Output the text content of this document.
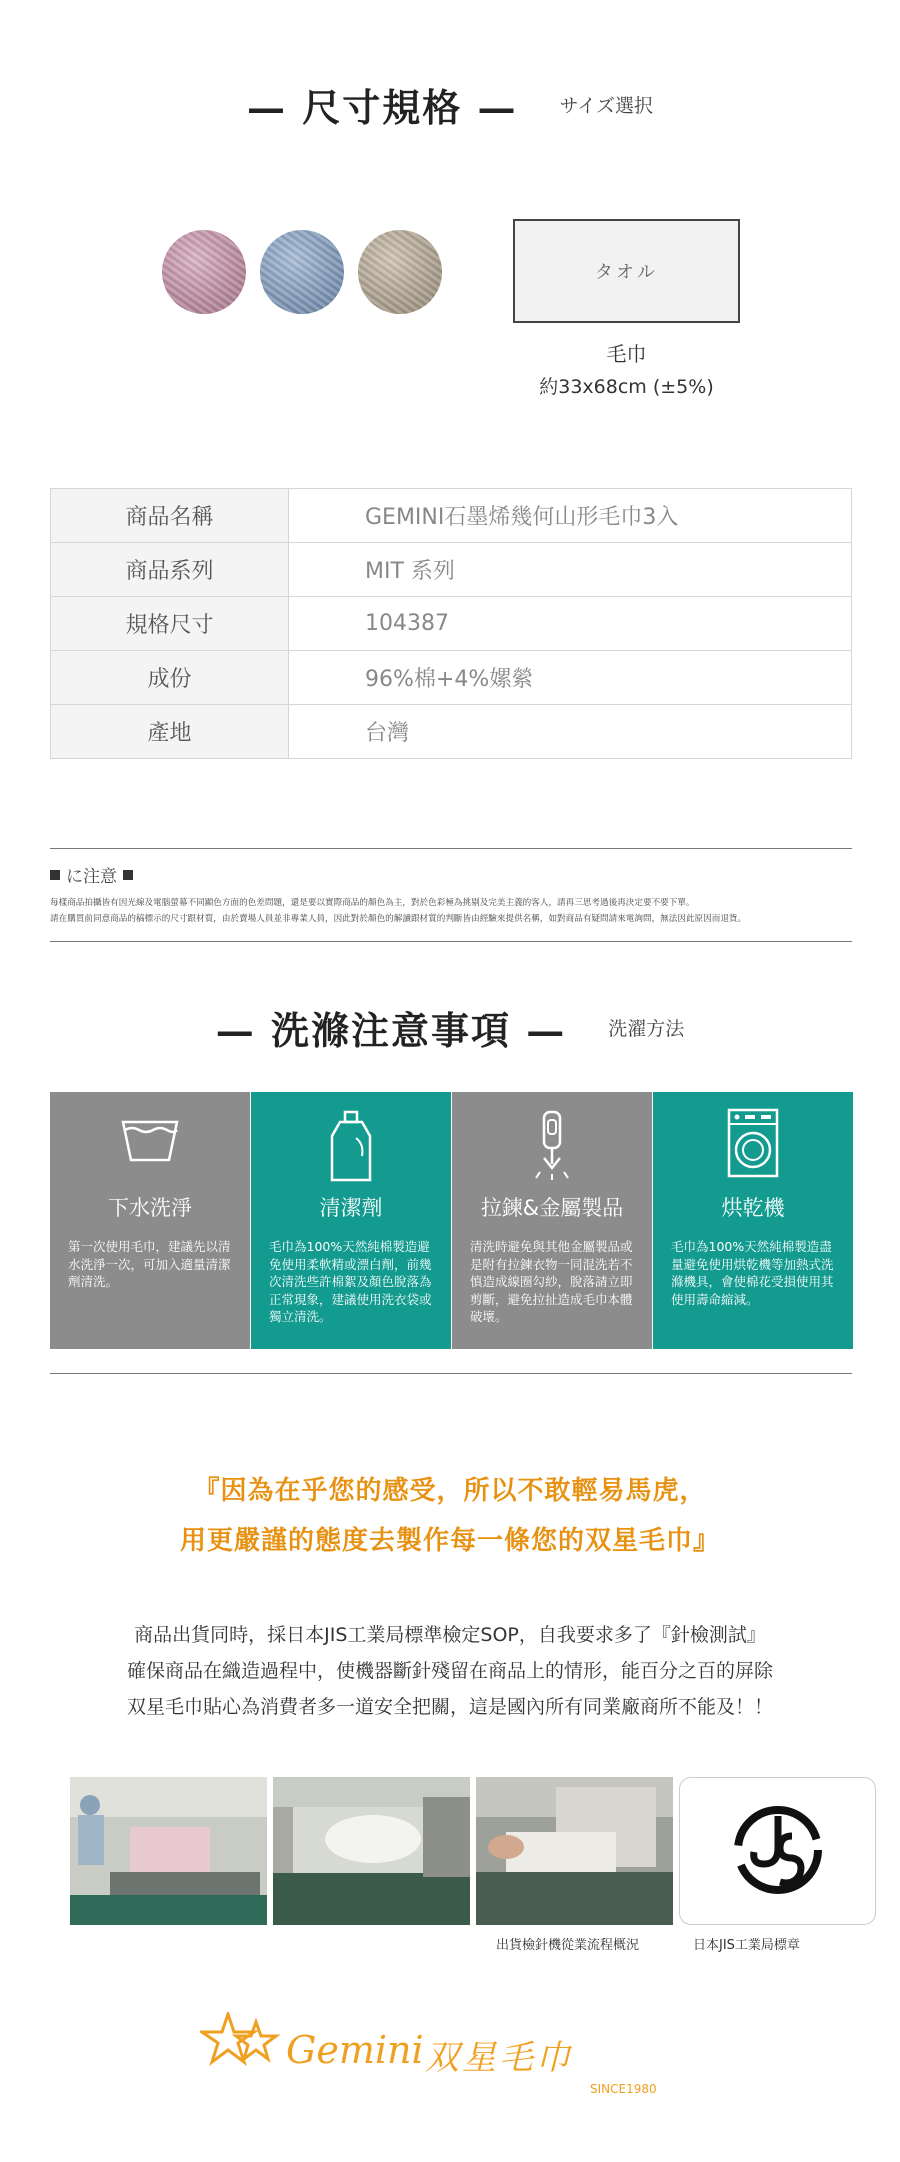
— 尺寸規格 — サイズ選択
タオル
毛巾
約33x68cm (±5%)
商品名稱	GEMINI石墨烯幾何山形毛巾3入
商品系列	MIT 系列
規格尺寸	104387
成份	96%棉+4%嫘縈
產地	台灣
に注意
每樣商品拍攝皆有因光線及電腦螢幕不同顯色方面的色差問題，還是要以實際商品的顏色為主，對於色彩極為挑剔及完美主義的客人，請再三思考過後再決定要不要下單。
請在購買前同意商品的稿標示的尺寸跟材質，由於賣場人員並非專業人員，因此對於顏色的解讀跟材質的判斷皆由經驗來提供名稱，如對商品有疑問請來電詢問，無法因此原因而退貨。
— 洗滌注意事項 — 洗濯方法
下水洗淨
第一次使用毛巾，建議先以清水洗淨一次，可加入適量清潔劑清洗。
清潔劑
毛巾為100%天然純棉製造避免使用柔軟精或漂白劑，前幾次清洗些許棉絮及顏色脫落為正常現象，建議使用洗衣袋或獨立清洗。
拉鍊&金屬製品
清洗時避免與其他金屬製品或是附有拉鍊衣物一同混洗若不慎造成線圈勾紗，脫落請立即剪斷，避免拉扯造成毛巾本體破壞。
烘乾機
毛巾為100%天然純棉製造盡量避免使用烘乾機等加熱式洗滌機具，會使棉花受損使用其使用壽命縮減。
『因為在乎您的感受，所以不敢輕易馬虎，
用更嚴謹的態度去製作每一條您的双星毛巾』
商品出貨同時，採日本JIS工業局標準檢定SOP，自我要求多了『針檢測試』
確保商品在織造過程中，使機器斷針殘留在商品上的情形，能百分之百的屏除
双星毛巾貼心為消費者多一道安全把關，這是國內所有同業廠商所不能及！！
出貨檢針機從業流程概況	日本JIS工業局標章
Gemini 双星毛巾
SINCE1980
